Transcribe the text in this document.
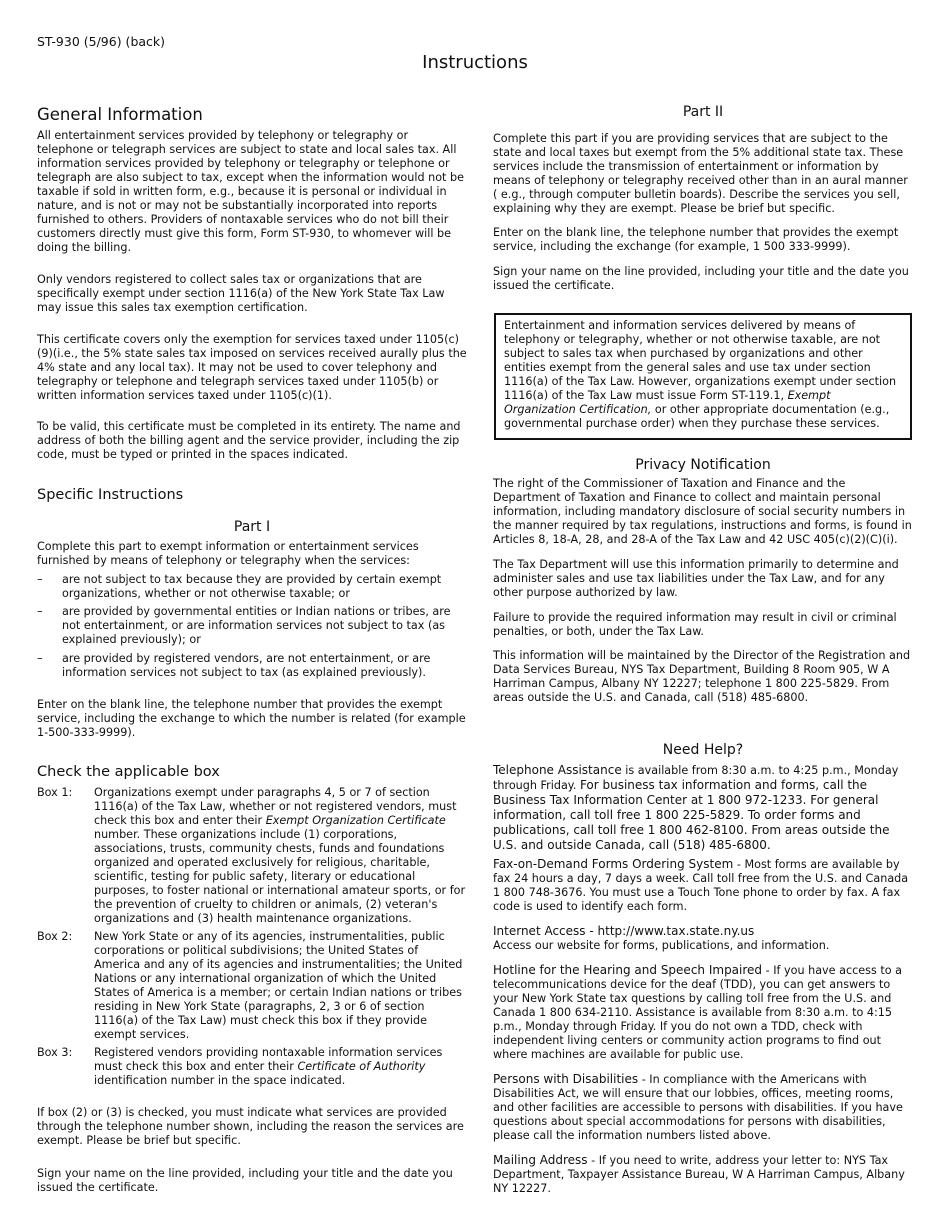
ST-930 (5/96) (back)
Instructions
General Information

All entertainment services provided by telephony or telegraphy or telephone or telegraph services are subject to state and local sales tax. All information services provided by telephony or telegraphy or telephone or telegraph are also subject to tax, except when the information would not be taxable if sold in written form, e.g., because it is personal or individual in nature, and is not or may not be substantially incorporated into reports furnished to others. Providers of nontaxable services who do not bill their customers directly must give this form, Form ST-930, to whomever will be doing the billing.

Only vendors registered to collect sales tax or organizations that are specifically exempt under section 1116(a) of the New York State Tax Law may issue this sales tax exemption certification.

This certificate covers only the exemption for services taxed under 1105(c)(9)(i.e., the 5% state sales tax imposed on services received aurally plus the 4% state and any local tax). It may not be used to cover telephony and telegraphy or telephone and telegraph services taxed under 1105(b) or written information services taxed under 1105(c)(1).

To be valid, this certificate must be completed in its entirety. The name and address of both the billing agent and the service provider, including the zip code, must be typed or printed in the spaces indicated.

Specific Instructions
Part I

Complete this part to exempt information or entertainment services furnished by means of telephony or telegraphy when the services:

–	are not subject to tax because they are provided by certain exempt organizations, whether or not otherwise taxable; or
–	are provided by governmental entities or Indian nations or tribes, are not entertainment, or are information services not subject to tax (as explained previously); or
–	are provided by registered vendors, are not entertainment, or are information services not subject to tax (as explained previously).

Enter on the blank line, the telephone number that provides the exempt service, including the exchange to which the number is related (for example 1-500-333-9999).

Check the applicable box
Box 1:	Organizations exempt under paragraphs 4, 5 or 7 of section 1116(a) of the Tax Law, whether or not registered vendors, must check this box and enter their Exempt Organization Certificate number. These organizations include (1) corporations, associations, trusts, community chests, funds and foundations organized and operated exclusively for religious, charitable, scientific, testing for public safety, literary or educational purposes, to foster national or international amateur sports, or for the prevention of cruelty to children or animals, (2) veteran's organizations and (3) health maintenance organizations.
Box 2:	New York State or any of its agencies, instrumentalities, public corporations or political subdivisions; the United States of America and any of its agencies and instrumentalities; the United Nations or any international organization of which the United States of America is a member; or certain Indian nations or tribes residing in New York State (paragraphs, 2, 3 or 6 of section 1116(a) of the Tax Law) must check this box if they provide exempt services.
Box 3:	Registered vendors providing nontaxable information services must check this box and enter their Certificate of Authority identification number in the space indicated.

If box (2) or (3) is checked, you must indicate what services are provided through the telephone number shown, including the reason the services are exempt. Please be brief but specific.

Sign your name on the line provided, including your title and the date you issued the certificate.

Part II

Complete this part if you are providing services that are subject to the state and local taxes but exempt from the 5% additional state tax. These services include the transmission of entertainment or information by means of telephony or telegraphy received other than in an aural manner ( e.g., through computer bulletin boards). Describe the services you sell, explaining why they are exempt. Please be brief but specific.

Enter on the blank line, the telephone number that provides the exempt service, including the exchange (for example, 1 500 333-9999).

Sign your name on the line provided, including your title and the date you issued the certificate.

Entertainment and information services delivered by means of telephony or telegraphy, whether or not otherwise taxable, are not subject to sales tax when purchased by organizations and other entities exempt from the general sales and use tax under section 1116(a) of the Tax Law. However, organizations exempt under section 1116(a) of the Tax Law must issue Form ST-119.1, Exempt Organization Certification, or other appropriate documentation (e.g., governmental purchase order) when they purchase these services.

Privacy Notification

The right of the Commissioner of Taxation and Finance and the Department of Taxation and Finance to collect and maintain personal information, including mandatory disclosure of social security numbers in the manner required by tax regulations, instructions and forms, is found in Articles 8, 18-A, 28, and 28-A of the Tax Law and 42 USC 405(c)(2)(C)(i).

The Tax Department will use this information primarily to determine and administer sales and use tax liabilities under the Tax Law, and for any other purpose authorized by law.

Failure to provide the required information may result in civil or criminal penalties, or both, under the Tax Law.

This information will be maintained by the Director of the Registration and Data Services Bureau, NYS Tax Department, Building 8 Room 905, W A Harriman Campus, Albany NY 12227; telephone 1 800 225-5829. From areas outside the U.S. and Canada, call (518) 485-6800.

Need Help?

Telephone Assistance is available from 8:30 a.m. to 4:25 p.m., Monday through Friday. For business tax information and forms, call the Business Tax Information Center at 1 800 972-1233. For general information, call toll free 1 800 225-5829. To order forms and publications, call toll free 1 800 462-8100. From areas outside the U.S. and outside Canada, call (518) 485-6800.

Fax-on-Demand Forms Ordering System - Most forms are available by fax 24 hours a day, 7 days a week. Call toll free from the U.S. and Canada 1 800 748-3676. You must use a Touch Tone phone to order by fax. A fax code is used to identify each form.

Internet Access - http://www.tax.state.ny.us
Access our website for forms, publications, and information.

Hotline for the Hearing and Speech Impaired - If you have access to a telecommunications device for the deaf (TDD), you can get answers to your New York State tax questions by calling toll free from the U.S. and Canada 1 800 634-2110. Assistance is available from 8:30 a.m. to 4:15 p.m., Monday through Friday. If you do not own a TDD, check with independent living centers or community action programs to find out where machines are available for public use.

Persons with Disabilities - In compliance with the Americans with Disabilities Act, we will ensure that our lobbies, offices, meeting rooms, and other facilities are accessible to persons with disabilities. If you have questions about special accommodations for persons with disabilities, please call the information numbers listed above.

Mailing Address - If you need to write, address your letter to: NYS Tax Department, Taxpayer Assistance Bureau, W A Harriman Campus, Albany NY 12227.
